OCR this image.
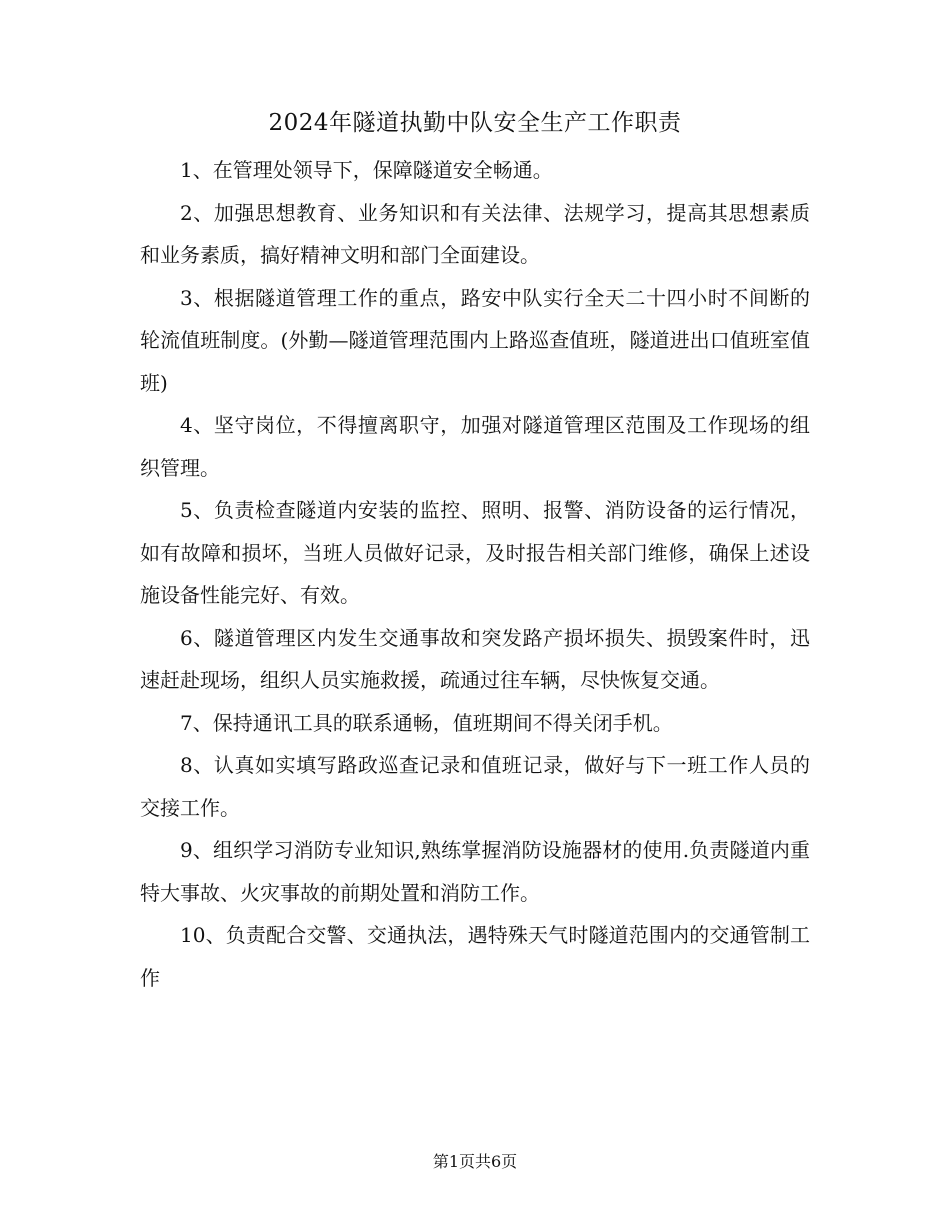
2024年隧道执勤中队安全生产工作职责

1、在管理处领导下，保障隧道安全畅通。

2、加强思想教育、业务知识和有关法律、法规学习，提高其思想素质和业务素质，搞好精神文明和部门全面建设。

3、根据隧道管理工作的重点，路安中队实行全天二十四小时不间断的轮流值班制度。(外勤—隧道管理范围内上路巡查值班，隧道进出口值班室值班)

4、坚守岗位，不得擅离职守，加强对隧道管理区范围及工作现场的组织管理。

5、负责检查隧道内安装的监控、照明、报警、消防设备的运行情况，如有故障和损坏，当班人员做好记录，及时报告相关部门维修，确保上述设施设备性能完好、有效。

6、隧道管理区内发生交通事故和突发路产损坏损失、损毁案件时，迅速赶赴现场，组织人员实施救援，疏通过往车辆，尽快恢复交通。

7、保持通讯工具的联系通畅，值班期间不得关闭手机。

8、认真如实填写路政巡查记录和值班记录，做好与下一班工作人员的交接工作。

9、组织学习消防专业知识,熟练掌握消防设施器材的使用.负责隧道内重特大事故、火灾事故的前期处置和消防工作。

10、负责配合交警、交通执法，遇特殊天气时隧道范围内的交通管制工作

第1页共6页
